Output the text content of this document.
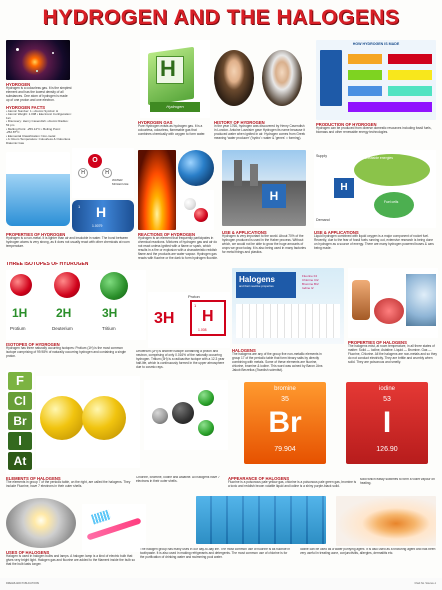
HYDROGEN AND THE HALOGENS
HYDROGEN
Hydrogen is a colourless gas. It is the simplest element and has the lowest density of all substances. One atom of hydrogen is made up of one proton and one electron.
HYDROGEN FACTS
• Atomic Number: 1 • Atomic Symbol: H
• Atomic Weight: 1.008 • Electronic Configuration: 1s1
• Discovery: Henry Cavendish • Atomic Radius: 53 pm
• Melting Point: -259.14°C • Boiling Point: -252.87°C
• Elemental Classification: Non-metal
• A: Room Temperature: Colourless & Odourless Diatomic Gas
H
Hydrogen
HYDROGEN GAS
Pure Hydrogen exists as hydrogen gas. It is a colourless, odourless, flammable gas that combines chemically with oxygen to form water.
HISTORY OF HYDROGEN
In the year 1766, hydrogen was discovered by Henry Cavendish in London. Antoine Lavoisier gave Hydrogen its name because it produced water when ignited in air. Hydrogen comes from Greek meaning 'water producer' ('hydro'= water & 'genes' = forming).
HOW HYDROGEN IS MADE
PRODUCTION OF HYDROGEN
Hydrogen can be produced from diverse domestic resources including fossil fuels, biomass and other renewable energy technologies.
O
H	H
WATER MOLECULE
H
1
1.0079
PROPERTIES OF HYDROGEN
Hydrogen is a non-metal. It is lighter than air and insoluble in water. The bond between hydrogen atoms is very strong, as it does not usually react with other chemicals at room temperature.
REACTIONS OF HYDROGEN
Hydrogen is an element that frequently participates in chemical reactions. Mixtures of hydrogen gas and air do not react unless ignited with a flame or spark, which results in a fire or explosion with a characteristic reddish flame and the products are water vapour. Hydrogen gas reacts with fluorine or the dark to form hydrogen fluoride.
H
USE & APPLICATIONS
Hydrogen is very important to the world. About 70% of the hydrogen produced is used in the Haber process. Without which, we would not be able to grow the huge amounts of crops we grow today. It is also being used in many factories for metal things and plastics.
Supply
Demand
Renewable energies
H
Fuel cells
USE & APPLICATIONS
Liquid hydrogen combined with liquid oxygen is a major component of rocket fuel. Recently, due to the fear of fossil fuels running out, extensive research is being done on hydrogen as a source of energy. There are many hydrogen powered buses & cars being made.
THREE ISOTOPES OF HYDROGEN
1H 2H	3H
Protium	Deuterium	Tritium
ISOTOPES OF HYDROGEN
Hydrogen has three naturally occurring isotopes: Protium (1H) is the most common isotope comprising of 99.98% of naturally occurring hydrogen and containing a single proton.
3H
Proton
1
H
1.008
Deuterium (2H) is another isotope containing a proton and neutron, comprising of only 0.016% of the naturally occurring hydrogen. Tritium (3H) is a radioactive isotope with a 12.3 year half-life, which is continuously formed in the upper atmosphere due to cosmic rays.
Halogens
and their reactive properties
Fluorine F2
Chlorine Cl2
Bromine Br2
Iodine I2
HALOGENS
The halogens are any of the group five non-metallic elements in group 17 of the periodic table that form binary salts by directly combining with metals. Some of these elements are fluorine, chlorine, bromine & iodine. This word was coined by Baron Jöns Jakob Berzelius (Swedish scientist).
PROPERTIES OF HALOGENS
The halogens exist, at room temperature, in all three states of matter: Solid — Iodine, Astatine. Liquid — Bromine. Gas — Fluorine, Chlorine. All the halogens are non-metals and so they do not conduct electricity. They are brittle and crumbly when solid. They are poisonous and smelly.
F
Cl
Br
I
At
bromine
35
Br
79.904
iodine
53
I
126.90
ELEMENTS OF HALOGENS
The elements in group 7 of the periodic table, on the right, are called the halogens. They include Fluorine, have 7 electrons in their outer shells.
Chlorine, Bromine, Iodine and Astatine. All halogens have 7 electrons in their outer shells.	APPEARANCE OF HALOGENS
Fluorine is a poisonous pale yellow gas, chlorine is a poisonous pale green gas, bromine is a toxic and reddish brown volatile liquid and iodine is a shiny purple-black solid.
solid which easily sublimes to form a violet vapour on heating.
USES OF HALOGENS
Halogen is used in halogen bulbs and lamps. A halogen lamp is a kind of electric bulb that gives very bright light. Halogen gas and fluorine are added to the filament inside the bulb so that the bulb lasts longer.
The halogen group has many uses in our day-to-day life. The most common use of fluorine is as fluoride in toothpaste. It is also used in making refrigerants and detergents. The most common use of chlorine is for the purification of drinking water and swimming pool water.
Iodine can be used as a water purifying agent. It is also used as a tincturing agent and has been very useful in treating acne, conjunctivitis, allergies, dermatitis etc.
DREAMLAND PUBLICATIONS	Chart No. Science-1
